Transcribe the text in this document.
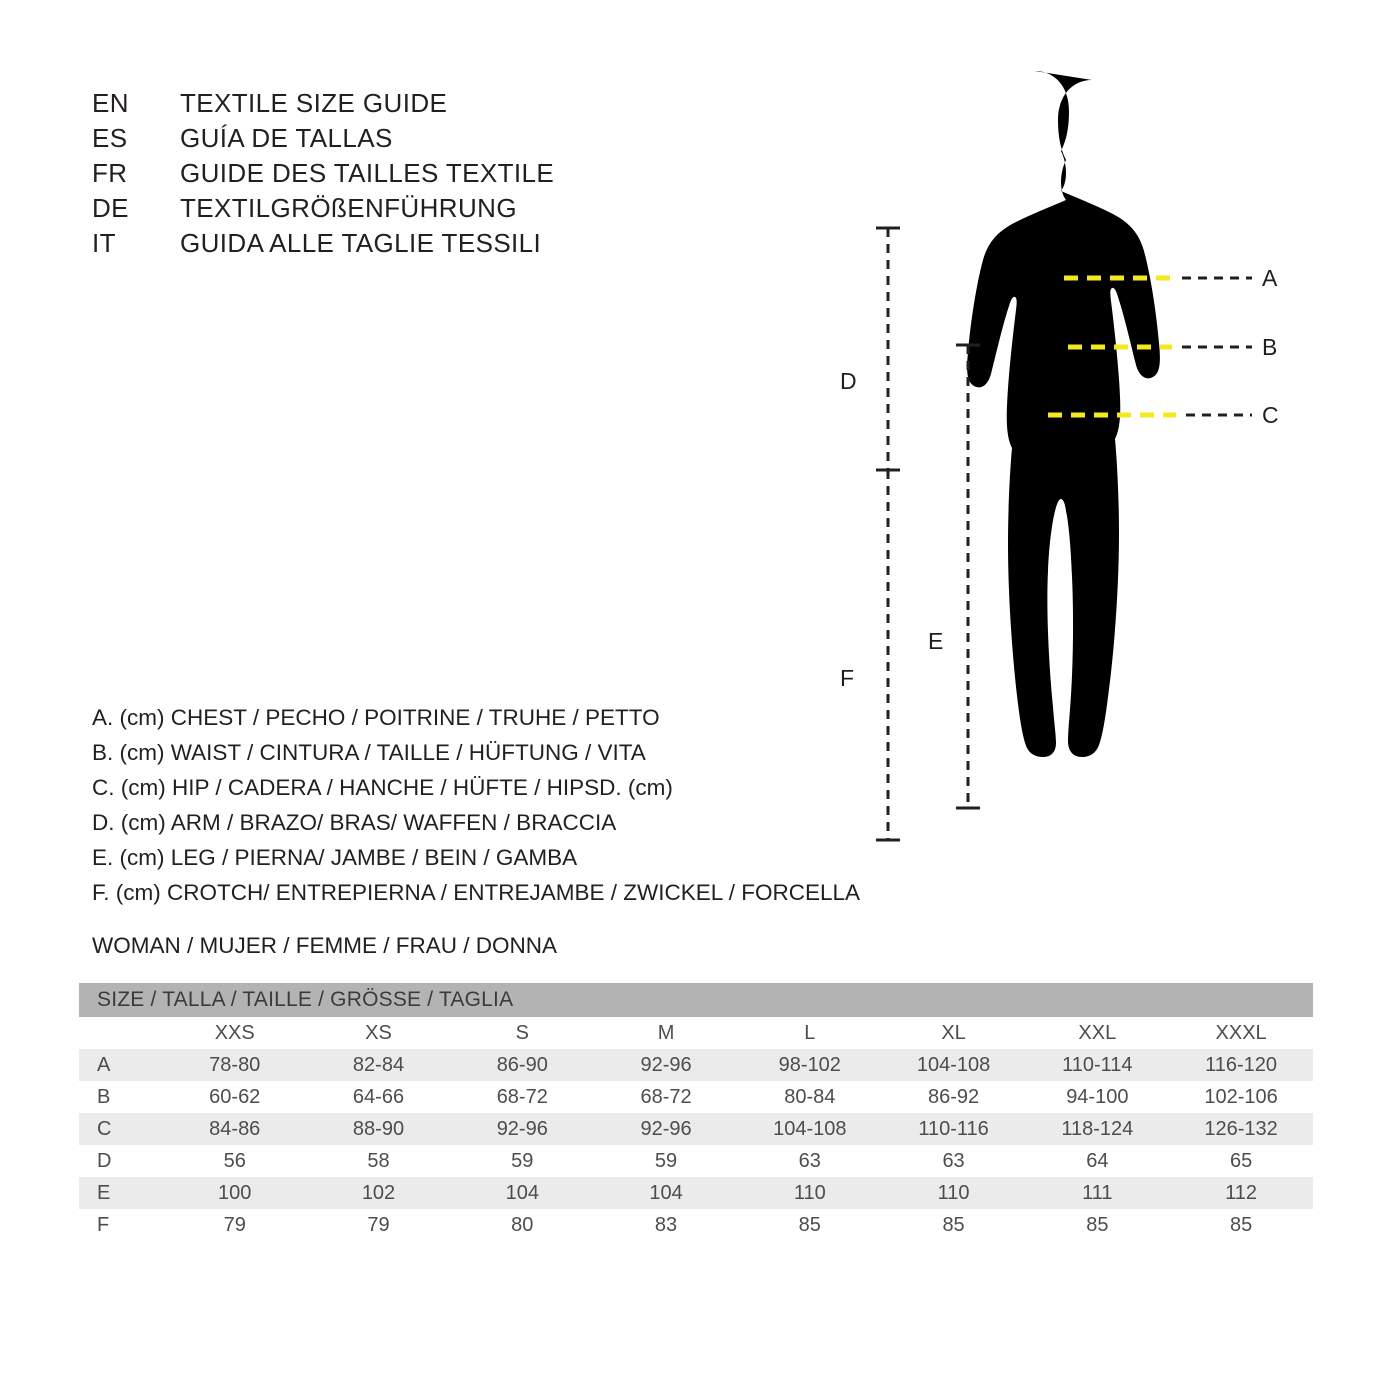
EN	TEXTILE SIZE GUIDE
ES	GUÍA DE TALLAS
FR	GUIDE DES TAILLES TEXTILE
DE	TEXTILGRÖßENFÜHRUNG
IT	GUIDA ALLE TAGLIE TESSILI
D
F
E
A
B
C
A. (cm) CHEST / PECHO / POITRINE / TRUHE / PETTO
B. (cm) WAIST / CINTURA / TAILLE / HÜFTUNG / VITA
C. (cm) HIP / CADERA / HANCHE / HÜFTE / HIPSD. (cm)
D. (cm) ARM / BRAZO/ BRAS/ WAFFEN / BRACCIA
E. (cm) LEG / PIERNA/ JAMBE / BEIN / GAMBA
F. (cm) CROTCH/ ENTREPIERNA / ENTREJAMBE / ZWICKEL / FORCELLA
WOMAN / MUJER / FEMME / FRAU / DONNA
SIZE / TALLA / TAILLE / GRÖSSE / TAGLIA								
	XXS	XS	S	M	L	XL	XXL	XXXL
A	78-80	82-84	86-90	92-96	98-102	104-108	110-114	116-120
B	60-62	64-66	68-72	68-72	80-84	86-92	94-100	102-106
C	84-86	88-90	92-96	92-96	104-108	110-116	118-124	126-132
D	56	58	59	59	63	63	64	65
E	100	102	104	104	110	110	111	112
F	79	79	80	83	85	85	85	85
